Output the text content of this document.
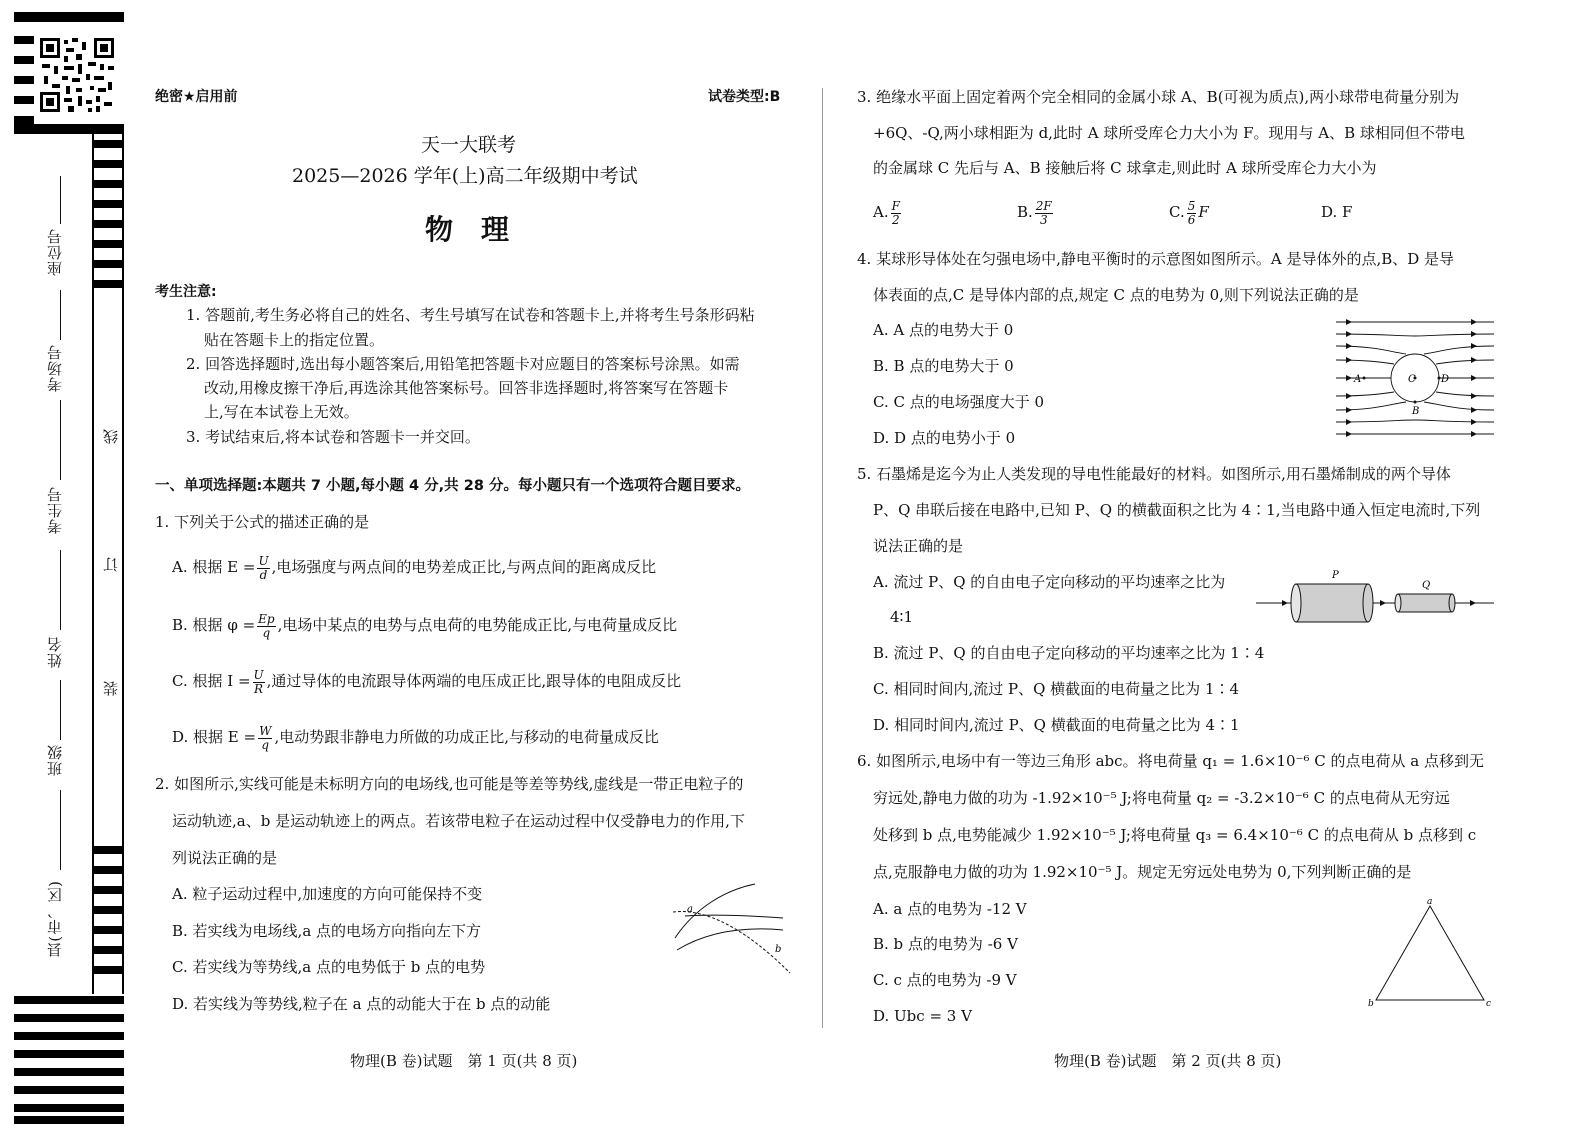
座位号
考场号
考生号
姓名
班级
县(市、区)
线
订
装
绝密★启用前	试卷类型:B
天一大联考
2025—2026 学年(上)高二年级期中考试
物　理
考生注意:
1. 答题前,考生务必将自己的姓名、考生号填写在试卷和答题卡上,并将考生号条形码粘
贴在答题卡上的指定位置。
2. 回答选择题时,选出每小题答案后,用铅笔把答题卡对应题目的答案标号涂黑。如需
改动,用橡皮擦干净后,再选涂其他答案标号。回答非选择题时,将答案写在答题卡
上,写在本试卷上无效。
3. 考试结束后,将本试卷和答题卡一并交回。
一、单项选择题:本题共 7 小题,每小题 4 分,共 28 分。每小题只有一个选项符合题目要求。
1. 下列关于公式的描述正确的是
A. 根据 $E = \frac{U}{d}$ ,电场强度与两点间的电势差成正比,与两点间的距离成反比
B. 根据 $\varphi = \frac{Ep}{q}$ ,电场中某点的电势与点电荷的电势能成正比,与电荷量成反比
C. 根据 $I = \frac{U}{R}$ ,通过导体的电流跟导体两端的电压成正比,跟导体的电阻成反比
D. 根据 $E = \frac{W}{q}$ ,电动势跟非静电力所做的功成正比,与移动的电荷量成反比
2. 如图所示,实线可能是未标明方向的电场线,也可能是等差等势线,虚线是一带正电粒子的
运动轨迹,a、b 是运动轨迹上的两点。若该带电粒子在运动过程中仅受静电力的作用,下
列说法正确的是
A. 粒子运动过程中,加速度的方向可能保持不变
B. 若实线为电场线,a 点的电场方向指向左下方
C. 若实线为等势线,a 点的电势低于 b 点的电势
D. 若实线为等势线,粒子在 a 点的动能大于在 b 点的动能
a
b
物理(B 卷)试题　第 1 页(共 8 页)
3. 绝缘水平面上固定着两个完全相同的金属小球 A、B(可视为质点),两小球带电荷量分别为
+6Q、-Q,两小球相距为 d,此时 A 球所受库仑力大小为 F。现用与 A、B 球相同但不带电
的金属球 C 先后与 A、B 接触后将 C 球拿走,则此时 A 球所受库仑力大小为
A. $\frac{F}{2}$	B. $\frac{2F}{3}$	C. $\frac{5}{6}$ F	D. F
4. 某球形导体处在匀强电场中,静电平衡时的示意图如图所示。A 是导体外的点,B、D 是导
体表面的点,C 是导体内部的点,规定 C 点的电势为 0,则下列说法正确的是
A. A 点的电势大于 0
B. B 点的电势大于 0
C. C 点的电场强度大于 0
D. D 点的电势小于 0
A	C	D
B
5. 石墨烯是迄今为止人类发现的导电性能最好的材料。如图所示,用石墨烯制成的两个导体
P、Q 串联后接在电路中,已知 P、Q 的横截面积之比为 4∶1,当电路中通入恒定电流时,下列
说法正确的是
A. 流过 P、Q 的自由电子定向移动的平均速率之比为
4∶1
B. 流过 P、Q 的自由电子定向移动的平均速率之比为 1∶4
C. 相同时间内,流过 P、Q 横截面的电荷量之比为 1∶4
D. 相同时间内,流过 P、Q 横截面的电荷量之比为 4∶1
P
Q
6. 如图所示,电场中有一等边三角形 abc。将电荷量 q₁ = 1.6×10⁻⁶ C 的点电荷从 a 点移到无
穷远处,静电力做的功为 -1.92×10⁻⁵ J;将电荷量 q₂ = -3.2×10⁻⁶ C 的点电荷从无穷远
处移到 b 点,电势能减少 1.92×10⁻⁵ J;将电荷量 q₃ = 6.4×10⁻⁶ C 的点电荷从 b 点移到 c
点,克服静电力做的功为 1.92×10⁻⁵ J。规定无穷远处电势为 0,下列判断正确的是
A. a 点的电势为 -12 V
B. b 点的电势为 -6 V
C. c 点的电势为 -9 V
D. Ubc = 3 V
a
b	c
物理(B 卷)试题　第 2 页(共 8 页)
